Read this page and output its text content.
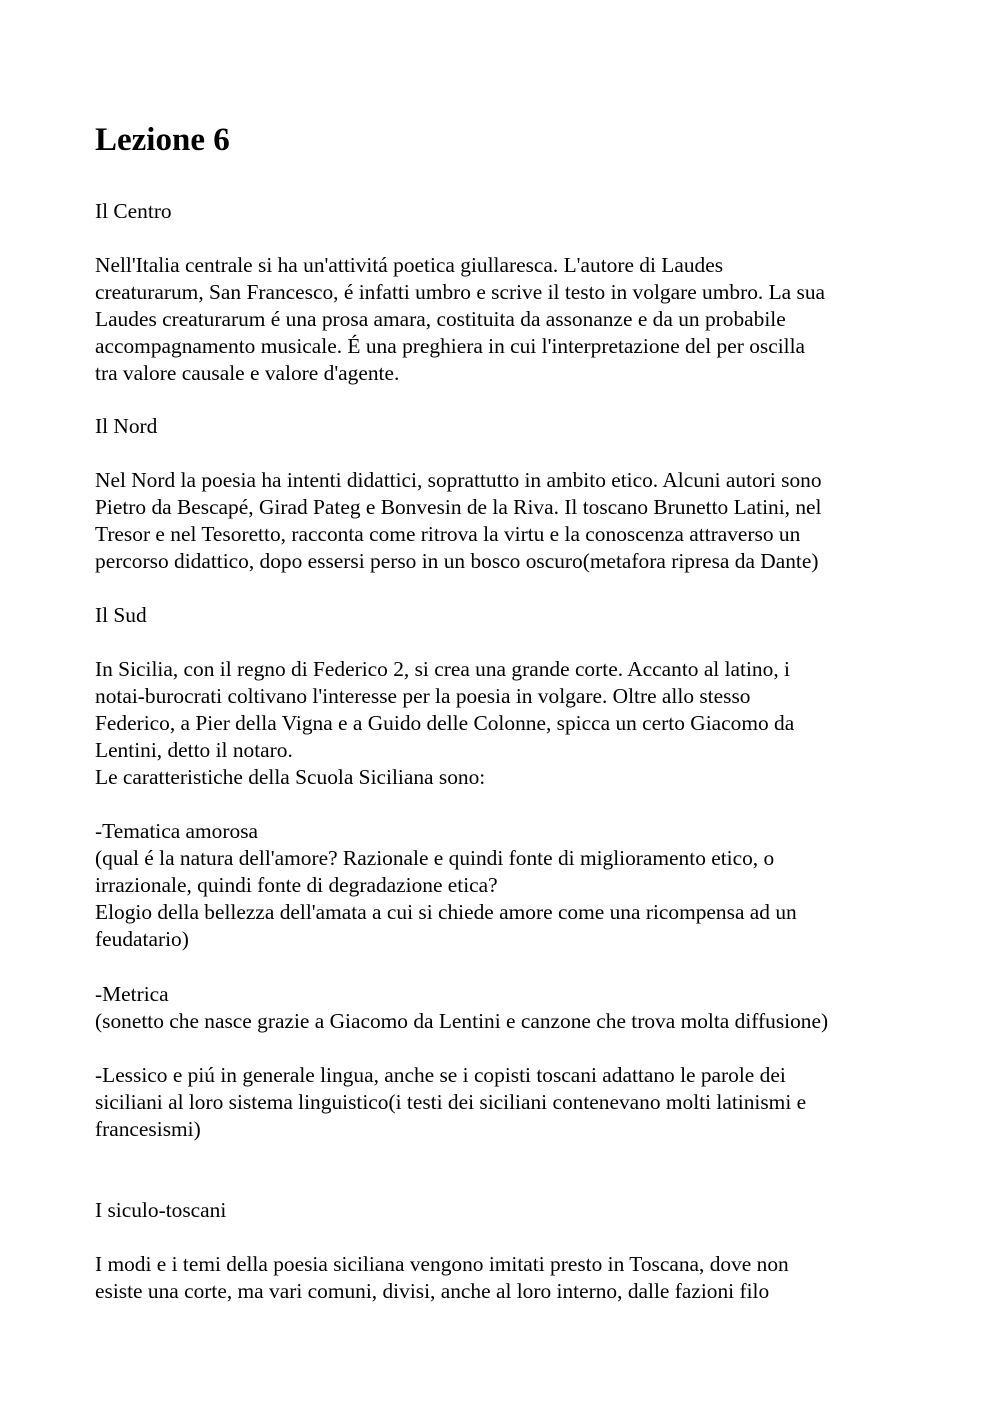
Lezione 6

Il Centro

Nell'Italia centrale si ha un'attivitá poetica giullaresca. L'autore di Laudes

creaturarum, San Francesco, é infatti umbro e scrive il testo in volgare umbro. La sua

Laudes creaturarum é una prosa amara, costituita da assonanze e da un probabile

accompagnamento musicale. É una preghiera in cui l'interpretazione del per oscilla

tra valore causale e valore d'agente.

Il Nord

Nel Nord la poesia ha intenti didattici, soprattutto in ambito etico. Alcuni autori sono

Pietro da Bescapé, Girad Pateg e Bonvesin de la Riva. Il toscano Brunetto Latini, nel

Tresor e nel Tesoretto, racconta come ritrova la virtu e la conoscenza attraverso un

percorso didattico, dopo essersi perso in un bosco oscuro(metafora ripresa da Dante)

Il Sud

In Sicilia, con il regno di Federico 2, si crea una grande corte. Accanto al latino, i

notai-burocrati coltivano l'interesse per la poesia in volgare. Oltre allo stesso

Federico, a Pier della Vigna e a Guido delle Colonne, spicca un certo Giacomo da

Lentini, detto il notaro.

Le caratteristiche della Scuola Siciliana sono:

-Tematica amorosa

(qual é la natura dell'amore? Razionale e quindi fonte di miglioramento etico, o

irrazionale, quindi fonte di degradazione etica?

Elogio della bellezza dell'amata a cui si chiede amore come una ricompensa ad un

feudatario)

-Metrica

(sonetto che nasce grazie a Giacomo da Lentini e canzone che trova molta diffusione)

-Lessico e piú in generale lingua, anche se i copisti toscani adattano le parole dei

siciliani al loro sistema linguistico(i testi dei siciliani contenevano molti latinismi e

francesismi)

I siculo-toscani

I modi e i temi della poesia siciliana vengono imitati presto in Toscana, dove non

esiste una corte, ma vari comuni, divisi, anche al loro interno, dalle fazioni filo
